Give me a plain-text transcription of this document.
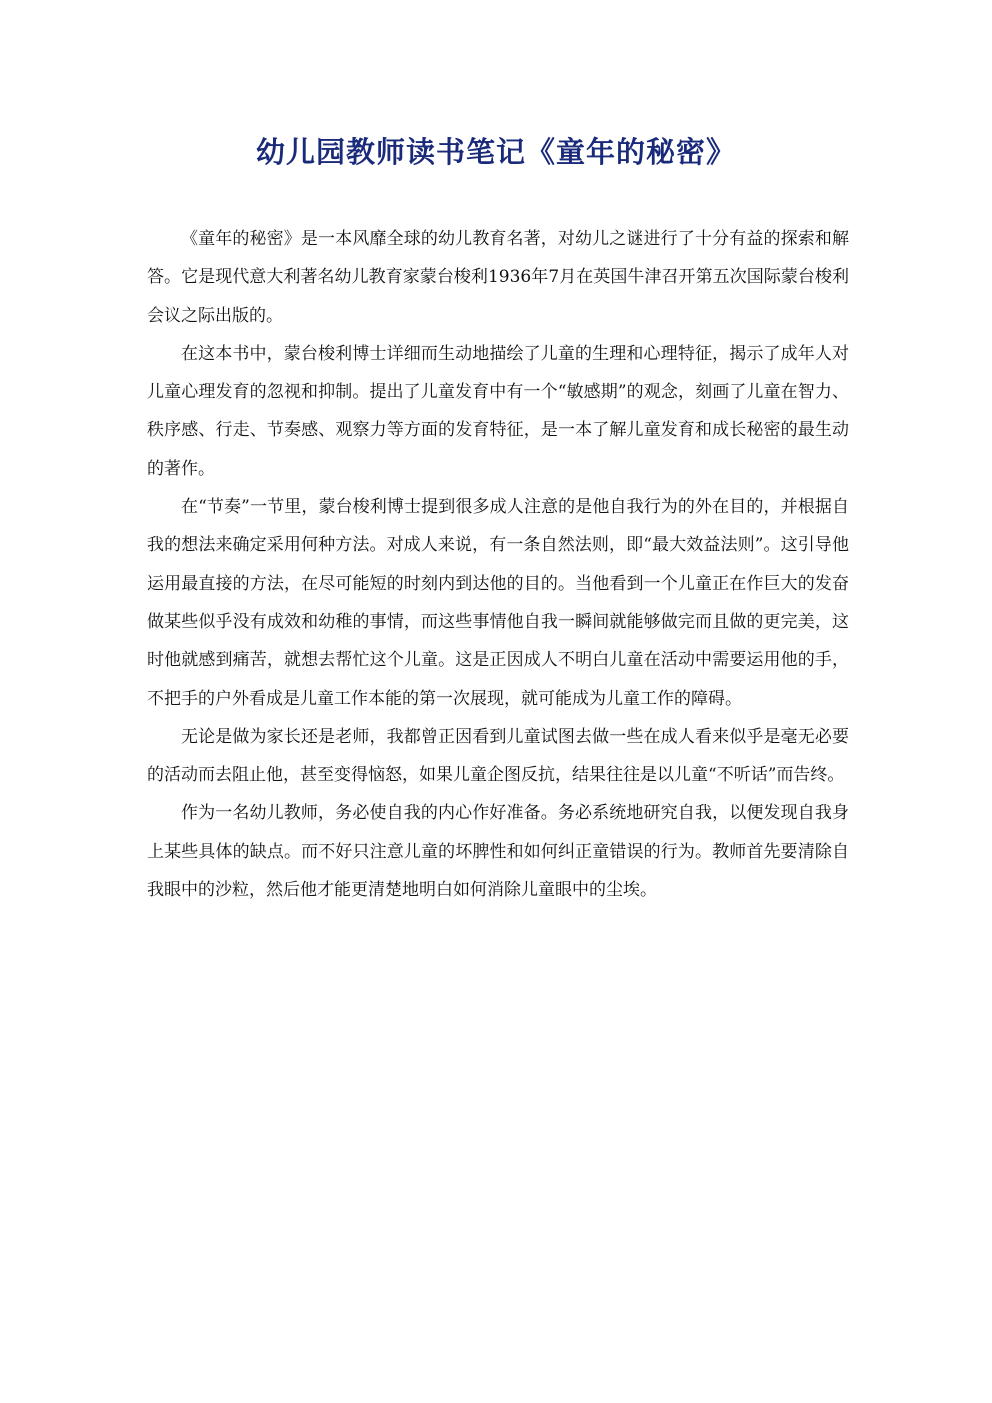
幼儿园教师读书笔记《童年的秘密》

《童年的秘密》是一本风靡全球的幼儿教育名著，对幼儿之谜进行了十分有益的探索和解答。它是现代意大利著名幼儿教育家蒙台梭利1936年7月在英国牛津召开第五次国际蒙台梭利会议之际出版的。

在这本书中，蒙台梭利博士详细而生动地描绘了儿童的生理和心理特征，揭示了成年人对儿童心理发育的忽视和抑制。提出了儿童发育中有一个“敏感期”的观念，刻画了儿童在智力、秩序感、行走、节奏感、观察力等方面的发育特征，是一本了解儿童发育和成长秘密的最生动的著作。

在“节奏”一节里，蒙台梭利博士提到很多成人注意的是他自我行为的外在目的，并根据自我的想法来确定采用何种方法。对成人来说，有一条自然法则，即“最大效益法则”。这引导他运用最直接的方法，在尽可能短的时刻内到达他的目的。当他看到一个儿童正在作巨大的发奋做某些似乎没有成效和幼稚的事情，而这些事情他自我一瞬间就能够做完而且做的更完美，这时他就感到痛苦，就想去帮忙这个儿童。这是正因成人不明白儿童在活动中需要运用他的手，不把手的户外看成是儿童工作本能的第一次展现，就可能成为儿童工作的障碍。

无论是做为家长还是老师，我都曾正因看到儿童试图去做一些在成人看来似乎是毫无必要的活动而去阻止他，甚至变得恼怒，如果儿童企图反抗，结果往往是以儿童“不听话”而告终。

作为一名幼儿教师，务必使自我的内心作好准备。务必系统地研究自我，以便发现自我身上某些具体的缺点。而不好只注意儿童的坏脾性和如何纠正童错误的行为。教师首先要清除自我眼中的沙粒，然后他才能更清楚地明白如何消除儿童眼中的尘埃。
